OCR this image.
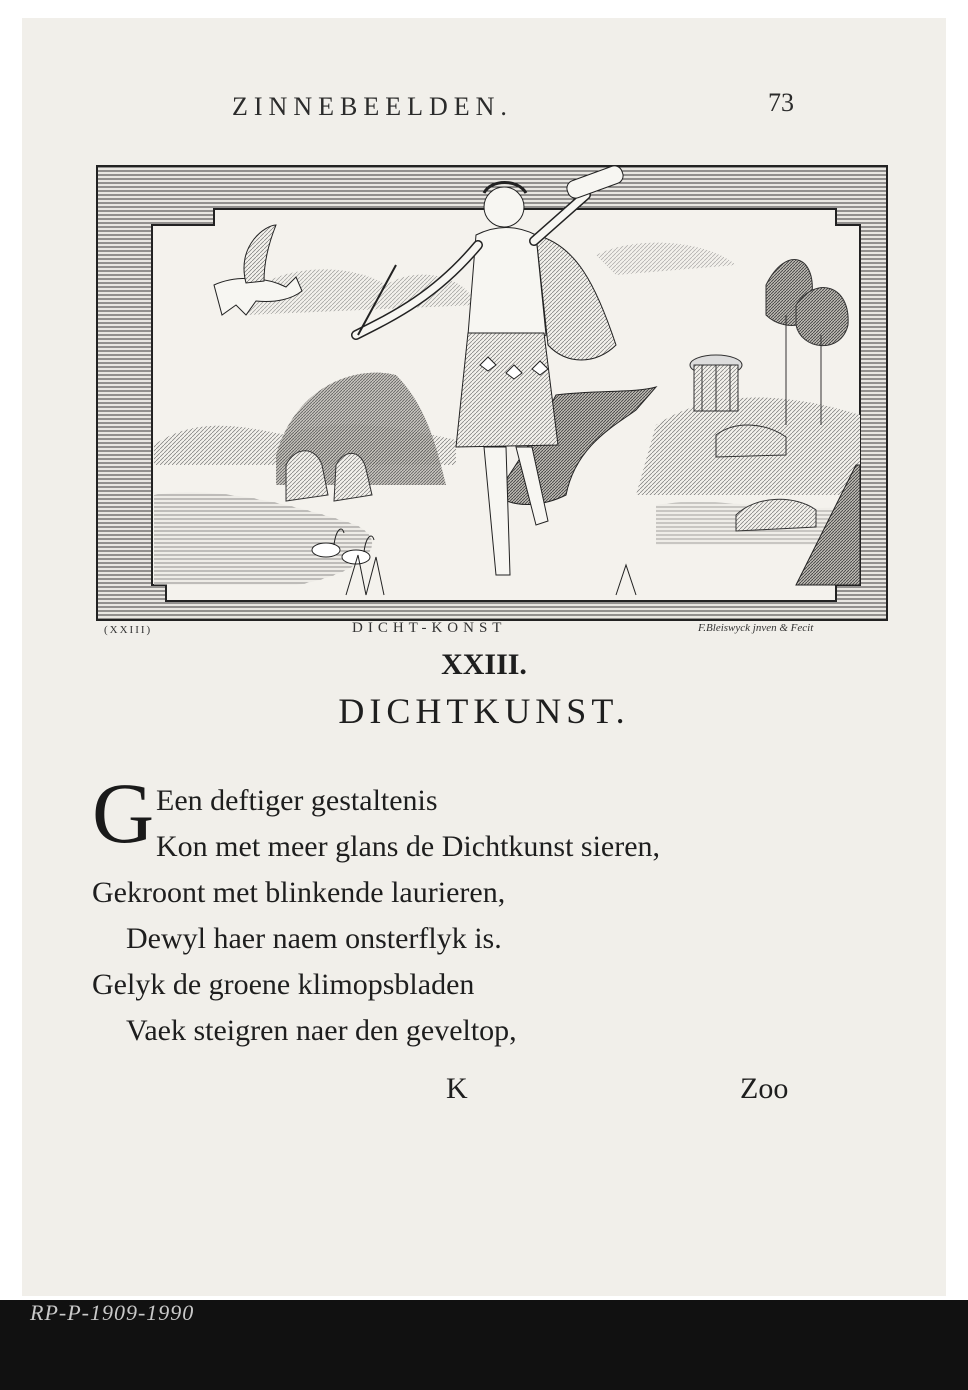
ZINNEBEELDEN.	73
(XXIII)	DICHT-KONST	F.Bleiswyck jnven & Fecit
XXIII.
DICHTKUNST.
G Een deftiger gestaltenis
Kon met meer glans de Dichtkunst sieren,
Gekroont met blinkende laurieren,
Dewyl haer naem onsterflyk is.
Gelyk de groene klimopsbladen
Vaek steigren naer den geveltop,
K	Zoo
RP-P-1909-1990
